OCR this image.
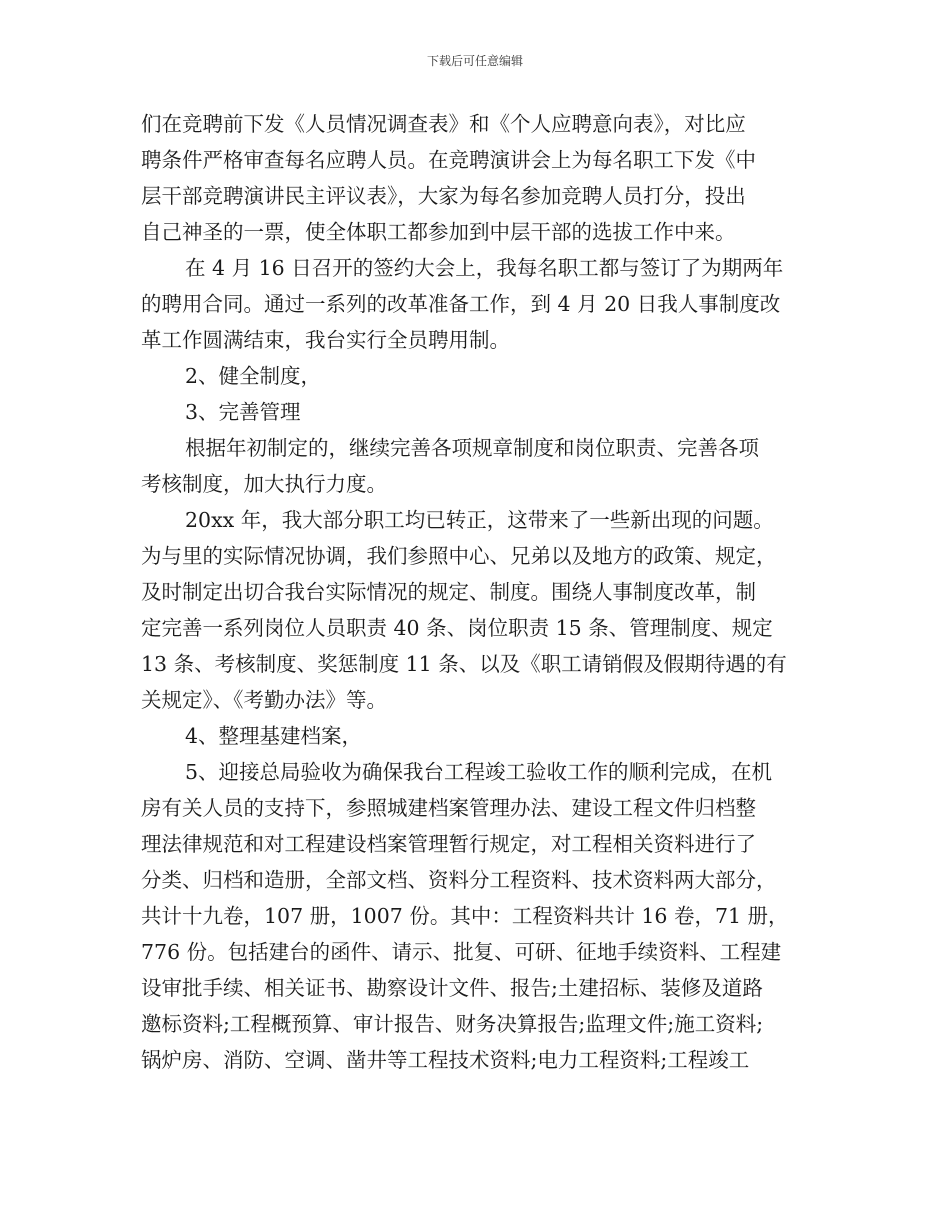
下载后可任意编辑
们在竞聘前下发《人员情况调查表》和《个人应聘意向表》，对比应
聘条件严格审查每名应聘人员。在竞聘演讲会上为每名职工下发《中
层干部竞聘演讲民主评议表》，大家为每名参加竞聘人员打分，投出
自己神圣的一票，使全体职工都参加到中层干部的选拔工作中来。
在 4 月 16 日召开的签约大会上，我每名职工都与签订了为期两年
的聘用合同。通过一系列的改革准备工作，到 4 月 20 日我人事制度改
革工作圆满结束，我台实行全员聘用制。
2、健全制度，
3、完善管理
根据年初制定的，继续完善各项规章制度和岗位职责、完善各项
考核制度，加大执行力度。
20xx 年，我大部分职工均已转正，这带来了一些新出现的问题。
为与里的实际情况协调，我们参照中心、兄弟以及地方的政策、规定，
及时制定出切合我台实际情况的规定、制度。围绕人事制度改革，制
定完善一系列岗位人员职责 40 条、岗位职责 15 条、管理制度、规定
13 条、考核制度、奖惩制度 11 条、以及《职工请销假及假期待遇的有
关规定》、《考勤办法》等。
4、整理基建档案，
5、迎接总局验收为确保我台工程竣工验收工作的顺利完成，在机
房有关人员的支持下，参照城建档案管理办法、建设工程文件归档整
理法律规范和对工程建设档案管理暂行规定，对工程相关资料进行了
分类、归档和造册，全部文档、资料分工程资料、技术资料两大部分，
共计十九卷，107 册，1007 份。其中：工程资料共计 16 卷，71 册，
776 份。包括建台的函件、请示、批复、可研、征地手续资料、工程建
设审批手续、相关证书、勘察设计文件、报告;土建招标、装修及道路
邀标资料;工程概预算、审计报告、财务决算报告;监理文件;施工资料;
锅炉房、消防、空调、凿井等工程技术资料;电力工程资料;工程竣工
